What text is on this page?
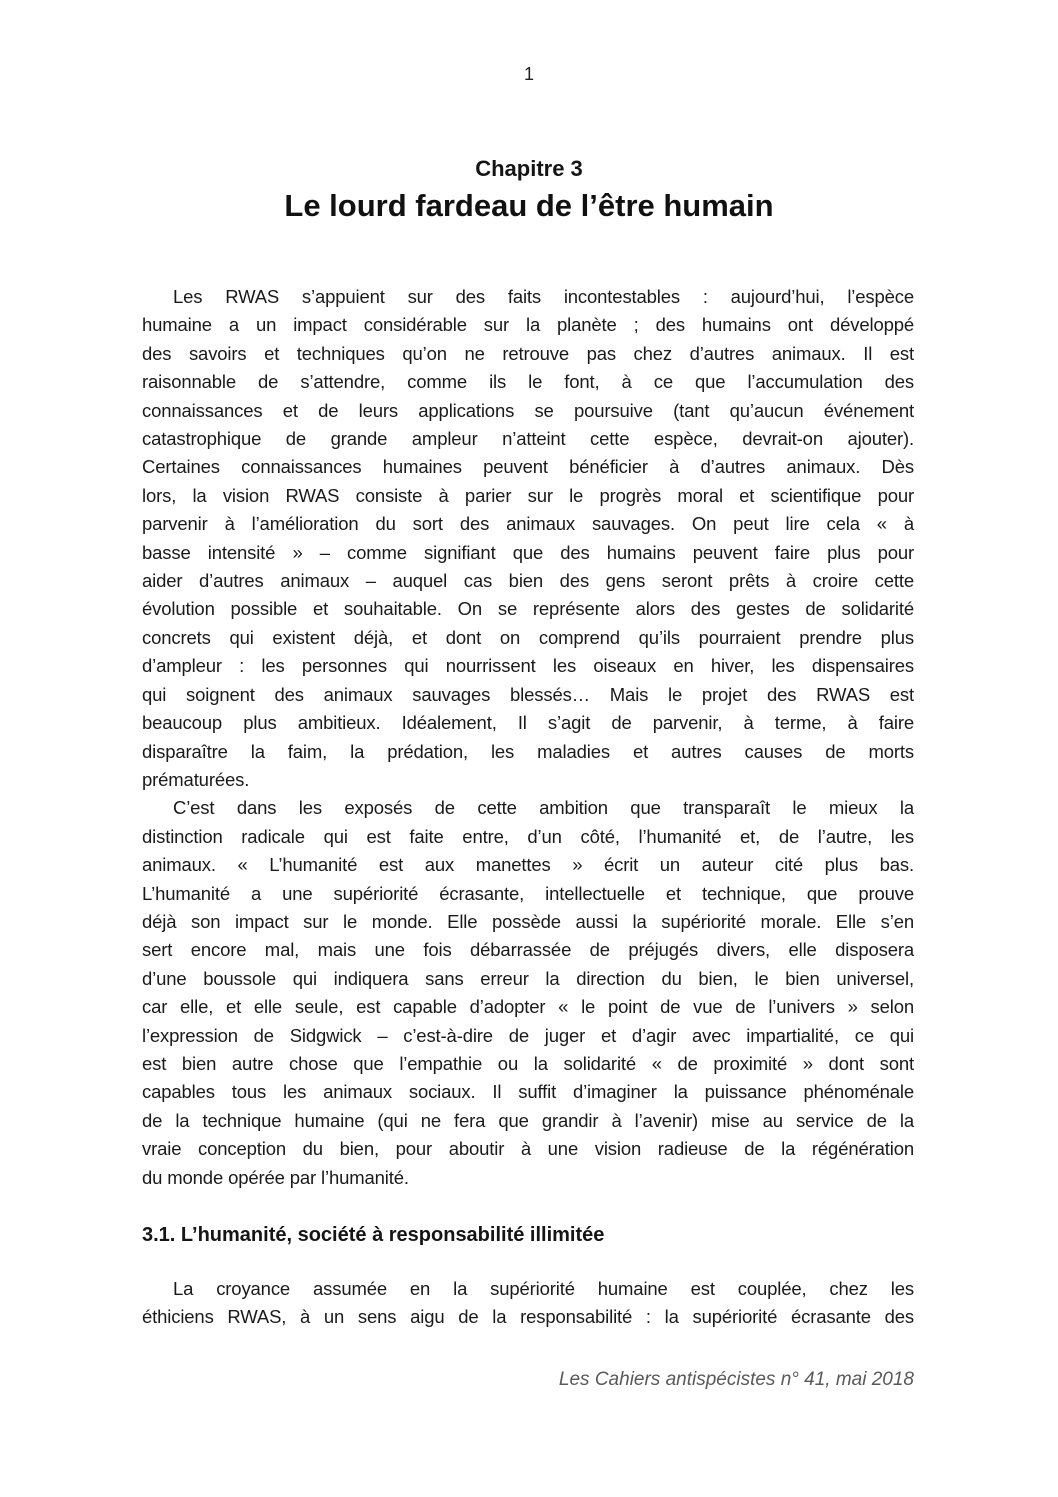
1
Chapitre 3
Le lourd fardeau de l’être humain
Les RWAS s’appuient sur des faits incontestables : aujourd’hui, l’espèce
humaine a un impact considérable sur la planète ; des humains ont développé
des savoirs et techniques qu’on ne retrouve pas chez d’autres animaux. Il est
raisonnable de s’attendre, comme ils le font, à ce que l’accumulation des
connaissances et de leurs applications se poursuive (tant qu’aucun événement
catastrophique de grande ampleur n’atteint cette espèce, devrait-on ajouter).
Certaines connaissances humaines peuvent bénéficier à d’autres animaux. Dès
lors, la vision RWAS consiste à parier sur le progrès moral et scientifique pour
parvenir à l’amélioration du sort des animaux sauvages. On peut lire cela « à
basse intensité » – comme signifiant que des humains peuvent faire plus pour
aider d’autres animaux – auquel cas bien des gens seront prêts à croire cette
évolution possible et souhaitable. On se représente alors des gestes de solidarité
concrets qui existent déjà, et dont on comprend qu’ils pourraient prendre plus
d’ampleur : les personnes qui nourrissent les oiseaux en hiver, les dispensaires
qui soignent des animaux sauvages blessés… Mais le projet des RWAS est
beaucoup plus ambitieux. Idéalement, Il s’agit de parvenir, à terme, à faire
disparaître la faim, la prédation, les maladies et autres causes de morts
prématurées.
C’est dans les exposés de cette ambition que transparaît le mieux la
distinction radicale qui est faite entre, d’un côté, l’humanité et, de l’autre, les
animaux. « L’humanité est aux manettes » écrit un auteur cité plus bas.
L’humanité a une supériorité écrasante, intellectuelle et technique, que prouve
déjà son impact sur le monde. Elle possède aussi la supériorité morale. Elle s’en
sert encore mal, mais une fois débarrassée de préjugés divers, elle disposera
d’une boussole qui indiquera sans erreur la direction du bien, le bien universel,
car elle, et elle seule, est capable d’adopter « le point de vue de l’univers » selon
l’expression de Sidgwick – c’est-à-dire de juger et d’agir avec impartialité, ce qui
est bien autre chose que l’empathie ou la solidarité « de proximité » dont sont
capables tous les animaux sociaux. Il suffit d’imaginer la puissance phénoménale
de la technique humaine (qui ne fera que grandir à l’avenir) mise au service de la
vraie conception du bien, pour aboutir à une vision radieuse de la régénération
du monde opérée par l’humanité.
3.1. L’humanité, société à responsabilité illimitée
La croyance assumée en la supériorité humaine est couplée, chez les
éthiciens RWAS, à un sens aigu de la responsabilité : la supériorité écrasante des
Les Cahiers antispécistes n° 41, mai 2018
